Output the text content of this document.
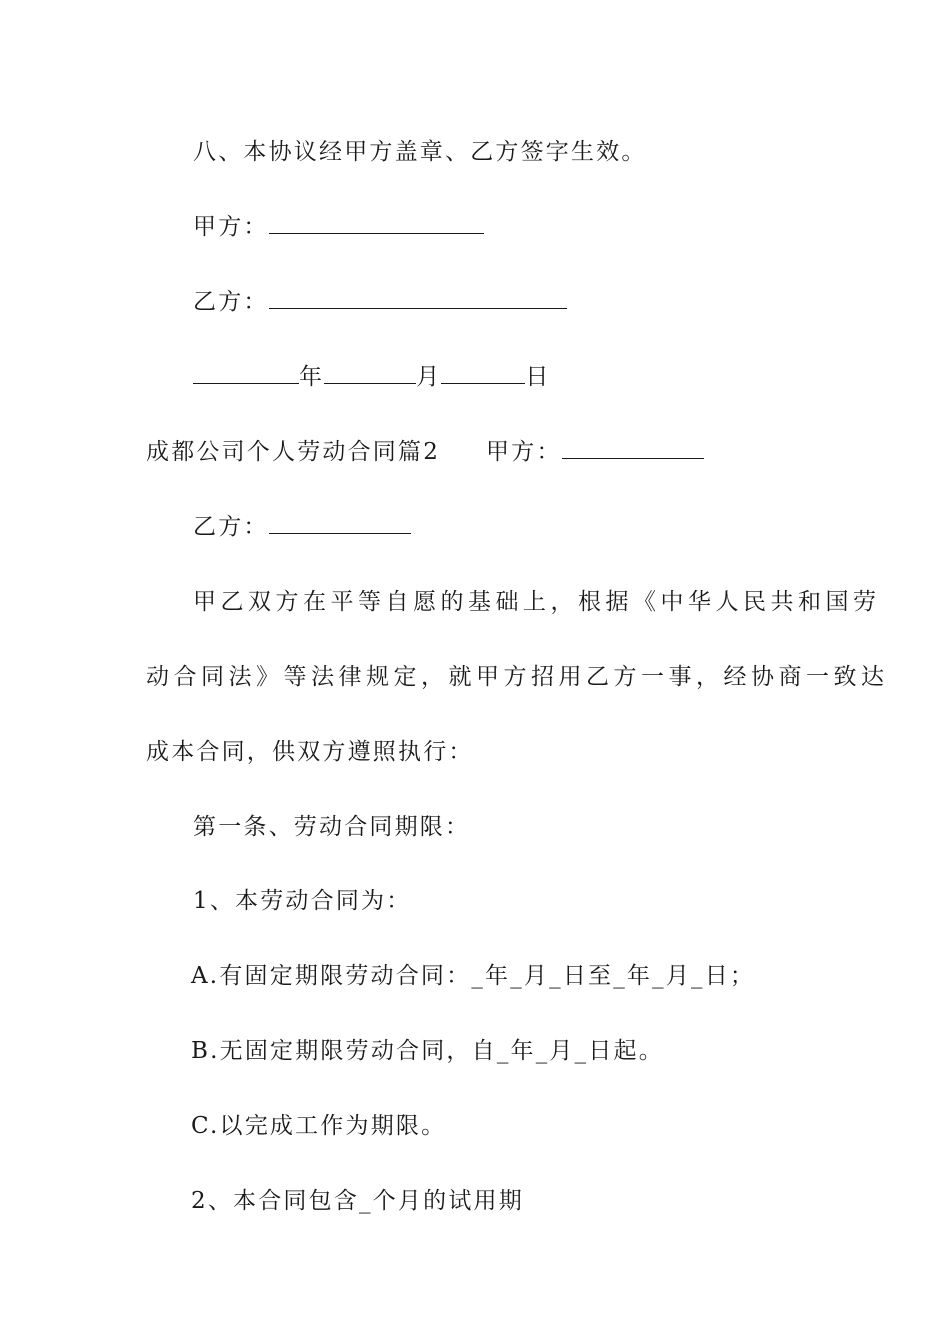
八、本协议经甲方盖章、乙方签字生效。
甲方：
乙方：
年	月	日
成都公司个人劳动合同篇2 甲方：
乙方：
甲乙双方在平等自愿的基础上，根据《中华人民共和国劳
动合同法》等法律规定，就甲方招用乙方一事，经协商一致达
成本合同，供双方遵照执行：
第一条、劳动合同期限：
1、本劳动合同为：
A.有固定期限劳动合同：_年_月_日至_年_月_日；
B.无固定期限劳动合同，自_年_月_日起。
C.以完成工作为期限。
2、本合同包含_个月的试用期
